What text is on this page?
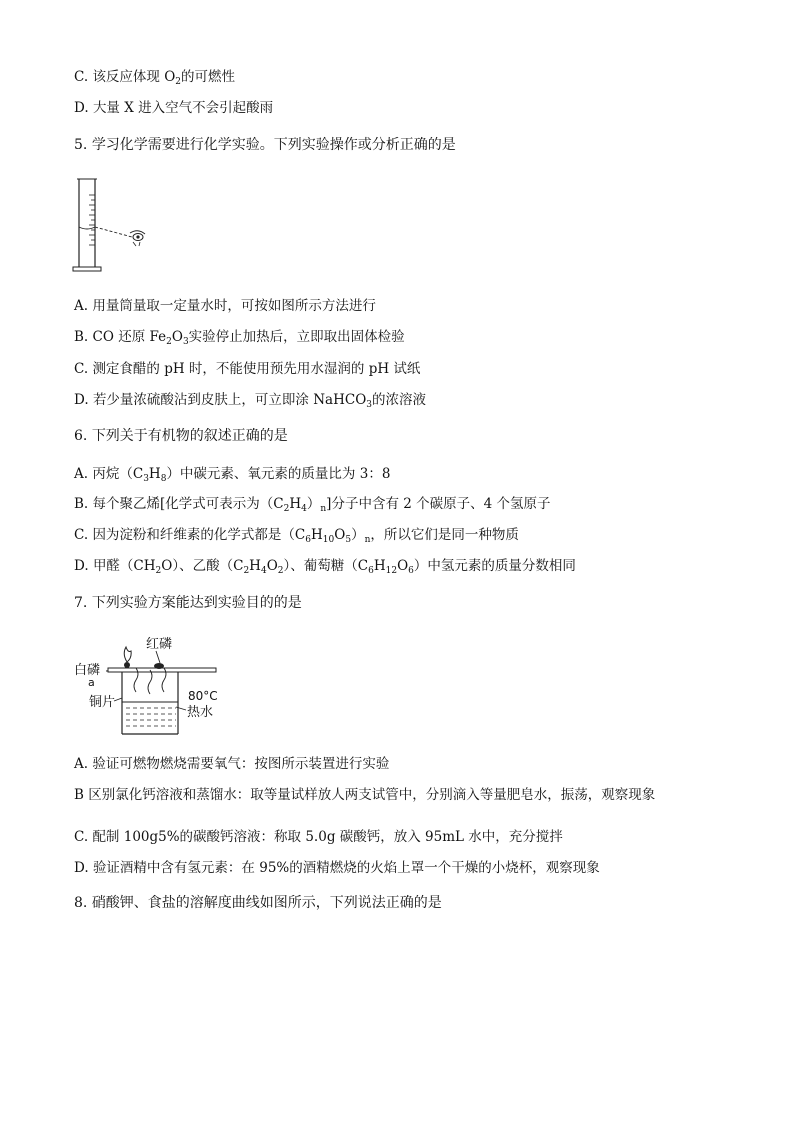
C. 该反应体现 $O_2$的可燃性
D. 大量 X 进入空气不会引起酸雨
5. 学习化学需要进行化学实验。下列实验操作或分析正确的是
A. 用量筒量取一定量水时，可按如图所示方法进行
B. CO 还原 $Fe_2O_3$实验停止加热后，立即取出固体检验
C. 测定食醋的 pH 时，不能使用预先用水湿润的 pH 试纸
D. 若少量浓硫酸沾到皮肤上，可立即涂 NaHCO$_3$的浓溶液
6. 下列关于有机物的叙述正确的是
A. 丙烷$(C_3H_8)$中碳元素、氧元素的质量比为 3：8
B. 每个聚乙烯[化学式可表示为$(C_2H_4)_n$]分子中含有 2 个碳原子、4 个氢原子
C. 因为淀粉和纤维素的化学式都是$(C_6H_{10}O_5)_n$，所以它们是同一种物质
D. 甲醛$(CH_2O)$、乙酸$(C_2H_4O_2)$、葡萄糖$(C_6H_{12}O_6)$中氢元素的质量分数相同
7. 下列实验方案能达到实验目的的是
红磷
白磷
a
铜片	80°C
热水
A. 验证可燃物燃烧需要氧气：按图所示装置进行实验
B 区别氯化钙溶液和蒸馏水：取等量试样放人两支试管中，分别滴入等量肥皂水，振荡，观察现象
C. 配制 100g5%的碳酸钙溶液：称取 5.0g 碳酸钙，放入 95mL 水中，充分搅拌
D. 验证酒精中含有氢元素：在 95%的酒精燃烧的火焰上罩一个干燥的小烧杯，观察现象
8. 硝酸钾、食盐的溶解度曲线如图所示，下列说法正确的是
